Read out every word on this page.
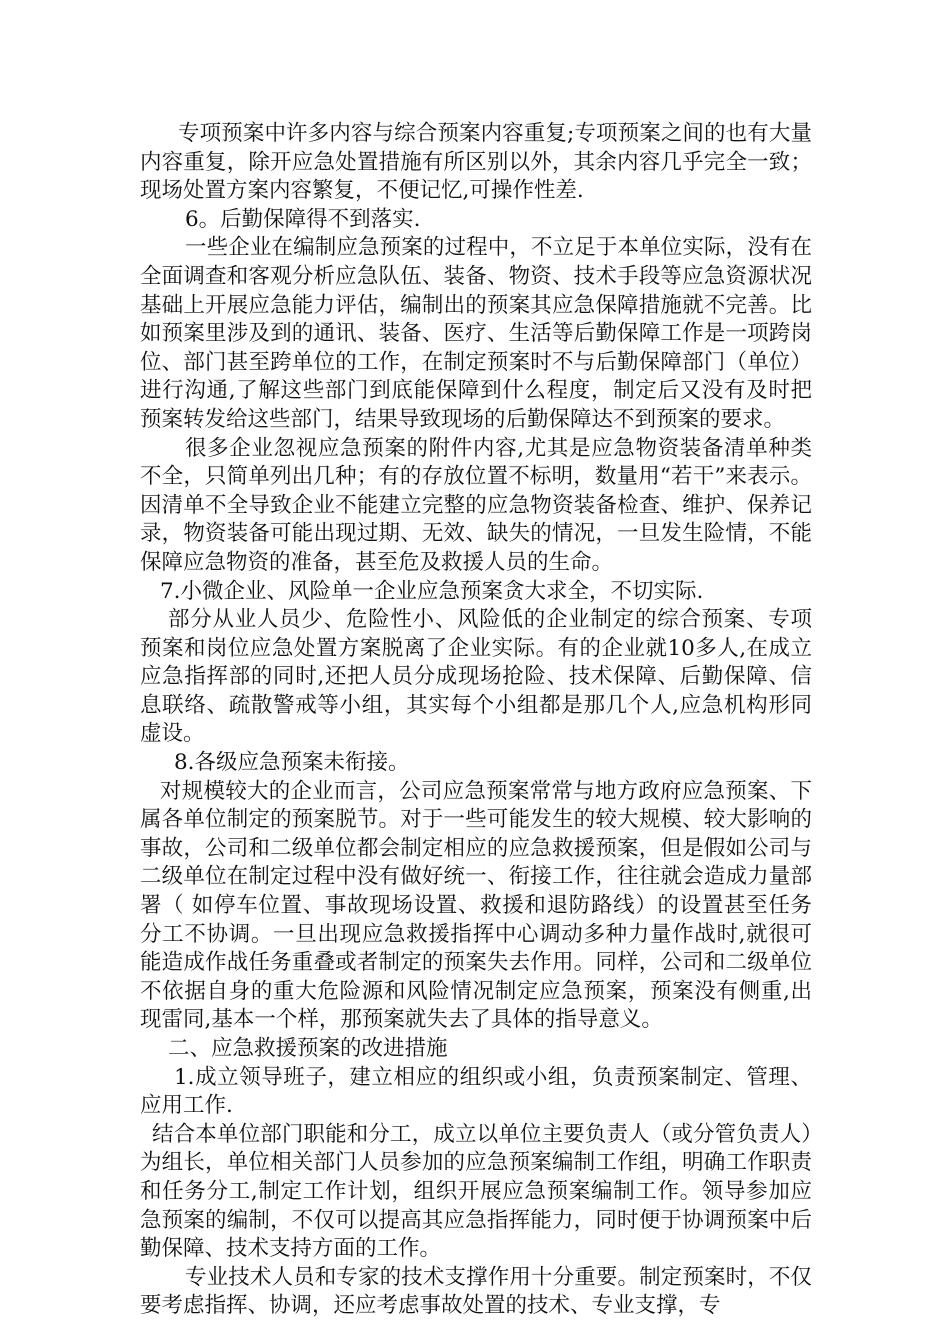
专项预案中许多内容与综合预案内容重复;专项预案之间的也有大量内容重复，除开应急处置措施有所区别以外，其余内容几乎完全一致；现场处置方案内容繁复，不便记忆,可操作性差.

6。后勤保障得不到落实.

一些企业在编制应急预案的过程中，不立足于本单位实际，没有在全面调查和客观分析应急队伍、装备、物资、技术手段等应急资源状况基础上开展应急能力评估，编制出的预案其应急保障措施就不完善。比如预案里涉及到的通讯、装备、医疗、生活等后勤保障工作是一项跨岗位、部门甚至跨单位的工作，在制定预案时不与后勤保障部门（单位）进行沟通,了解这些部门到底能保障到什么程度，制定后又没有及时把预案转发给这些部门，结果导致现场的后勤保障达不到预案的要求。

很多企业忽视应急预案的附件内容,尤其是应急物资装备清单种类不全，只简单列出几种；有的存放位置不标明，数量用“若干”来表示。因清单不全导致企业不能建立完整的应急物资装备检查、维护、保养记录，物资装备可能出现过期、无效、缺失的情况，一旦发生险情，不能保障应急物资的准备，甚至危及救援人员的生命。

7.小微企业、风险单一企业应急预案贪大求全，不切实际.

部分从业人员少、危险性小、风险低的企业制定的综合预案、专项预案和岗位应急处置方案脱离了企业实际。有的企业就10多人,在成立应急指挥部的同时,还把人员分成现场抢险、技术保障、后勤保障、信息联络、疏散警戒等小组，其实每个小组都是那几个人,应急机构形同虚设。

8.各级应急预案未衔接。

对规模较大的企业而言，公司应急预案常常与地方政府应急预案、下属各单位制定的预案脱节。对于一些可能发生的较大规模、较大影响的事故，公司和二级单位都会制定相应的应急救援预案，但是假如公司与二级单位在制定过程中没有做好统一、衔接工作，往往就会造成力量部署（ 如停车位置、事故现场设置、救援和退防路线）的设置甚至任务分工不协调。一旦出现应急救援指挥中心调动多种力量作战时,就很可能造成作战任务重叠或者制定的预案失去作用。同样，公司和二级单位不依据自身的重大危险源和风险情况制定应急预案，预案没有侧重,出现雷同,基本一个样，那预案就失去了具体的指导意义。

二、应急救援预案的改进措施

1.成立领导班子，建立相应的组织或小组，负责预案制定、管理、应用工作.

结合本单位部门职能和分工，成立以单位主要负责人（或分管负责人）为组长，单位相关部门人员参加的应急预案编制工作组，明确工作职责和任务分工,制定工作计划，组织开展应急预案编制工作。领导参加应急预案的编制，不仅可以提高其应急指挥能力，同时便于协调预案中后勤保障、技术支持方面的工作。

专业技术人员和专家的技术支撑作用十分重要。制定预案时，不仅要考虑指挥、协调，还应考虑事故处置的技术、专业支撑，专
